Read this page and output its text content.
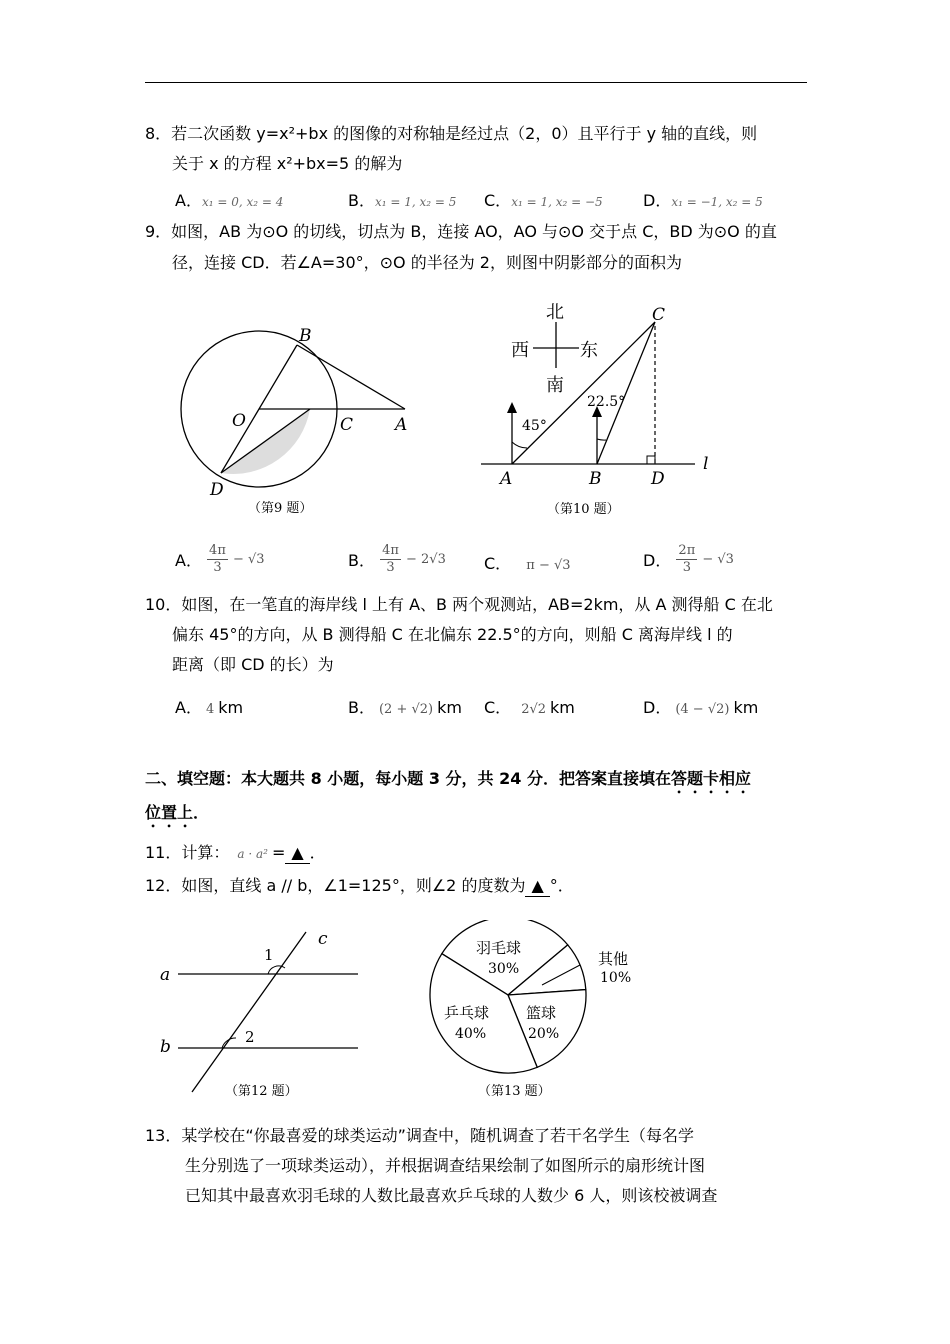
8．若二次函数 y=x²+bx 的图像的对称轴是经过点（2，0）且平行于 y 轴的直线，则
关于 x 的方程 x²+bx=5 的解为
A．x₁ = 0, x₂ = 4	B．x₁ = 1, x₂ = 5 C．x₁ = 1, x₂ = −5	D．x₁ = −1, x₂ = 5
9．如图，AB 为⊙O 的切线，切点为 B，连接 AO，AO 与⊙O 交于点 C，BD 为⊙O 的直
径，连接 CD．若∠A=30°，⊙O 的半径为 2，则图中阴影部分的面积为
B
O	C A
D
（第9 题）
北
南
西	东
45°
22.5°
C
A	B	D
l
（第10 题）
A． $\frac{4\pi}{3} - √3$	B． $\frac{4\pi}{3} - 2√3$ C． π − √3	D． $\frac{2\pi}{3} - √3$
10．如图，在一笔直的海岸线 l 上有 A、B 两个观测站，AB=2km，从 A 测得船 C 在北
偏东 45°的方向，从 B 测得船 C 在北偏东 22.5°的方向，则船 C 离海岸线 l 的
距离（即 CD 的长）为
A． 4 km	B． (2 + √2) km C． 2√2 km	D． (4 − √2) km
二、填空题：本大题共 8 小题，每小题 3 分，共 24 分．把答案直接填在答题卡相应
位置上．
11．计算： a · a² = ▲ ．
12．如图，直线 a // b，∠1=125°，则∠2 的度数为 ▲ °．
a
b
c
1
2
（第12 题）
羽毛球
30%
其他
10%
篮球
20%
乒乓球
40%
（第13 题）
13．某学校在“你最喜爱的球类运动”调查中，随机调查了若干名学生（每名学
生分别选了一项球类运动），并根据调查结果绘制了如图所示的扇形统计图
已知其中最喜欢羽毛球的人数比最喜欢乒乓球的人数少 6 人，则该校被调查
